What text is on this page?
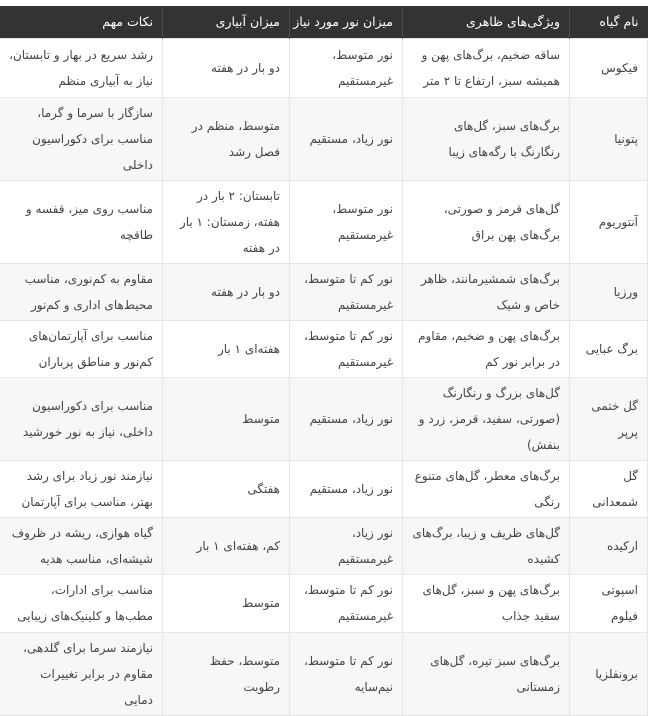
نام گیاه	ویژگی‌های ظاهری	میزان نور مورد نیاز	میزان آبیاری	نکات مهم
فیکوس	ساقه ضخیم، برگ‌های پهن و همیشه سبز، ارتفاع تا ۲ متر	نور متوسط، غیرمستقیم	دو بار در هفته	رشد سریع در بهار و تابستان، نیاز به آبیاری منظم
پتونیا	برگ‌های سبز، گل‌های رنگارنگ با رگه‌های زیبا	نور زیاد، مستقیم	متوسط، منظم در فصل رشد	سازگار با سرما و گرما، مناسب برای دکوراسیون داخلی
آنتوریوم	گل‌های قرمز و صورتی، برگ‌های پهن براق	نور متوسط، غیرمستقیم	تابستان: ۲ بار در هفته، زمستان: ۱ بار در هفته	مناسب روی میز، قفسه و طاقچه
ورزیا	برگ‌های شمشیرمانند، ظاهر خاص و شیک	نور کم تا متوسط، غیرمستقیم	دو بار در هفته	مقاوم به کم‌نوری، مناسب محیط‌های اداری و کم‌نور
برگ عبایی	برگ‌های پهن و ضخیم، مقاوم در برابر نور کم	نور کم تا متوسط، غیرمستقیم	هفته‌ای ۱ بار	مناسب برای آپارتمان‌های کم‌نور و مناطق پرباران
گل ختمی پرپر	گل‌های بزرگ و رنگارنگ (صورتی، سفید، قرمز، زرد و بنفش)	نور زیاد، مستقیم	متوسط	مناسب برای دکوراسیون داخلی، نیاز به نور خورشید
گل شمعدانی	برگ‌های معطر، گل‌های متنوع رنگی	نور زیاد، مستقیم	هفتگی	نیازمند نور زیاد برای رشد بهتر، مناسب برای آپارتمان
ارکیده	گل‌های ظریف و زیبا، برگ‌های کشیده	نور زیاد، غیرمستقیم	کم، هفته‌ای ۱ بار	گیاه هوازی، ریشه در ظروف شیشه‌ای، مناسب هدیه
اسپوتی فیلوم	برگ‌های پهن و سبز، گل‌های سفید جذاب	نور کم تا متوسط، غیرمستقیم	متوسط	مناسب برای ادارات، مطب‌ها و کلینیک‌های زیبایی
برونفلزیا	برگ‌های سبز تیره، گل‌های زمستانی	نور کم تا متوسط، نیم‌سایه	متوسط، حفظ رطوبت	نیازمند سرما برای گلدهی، مقاوم در برابر تغییرات دمایی
